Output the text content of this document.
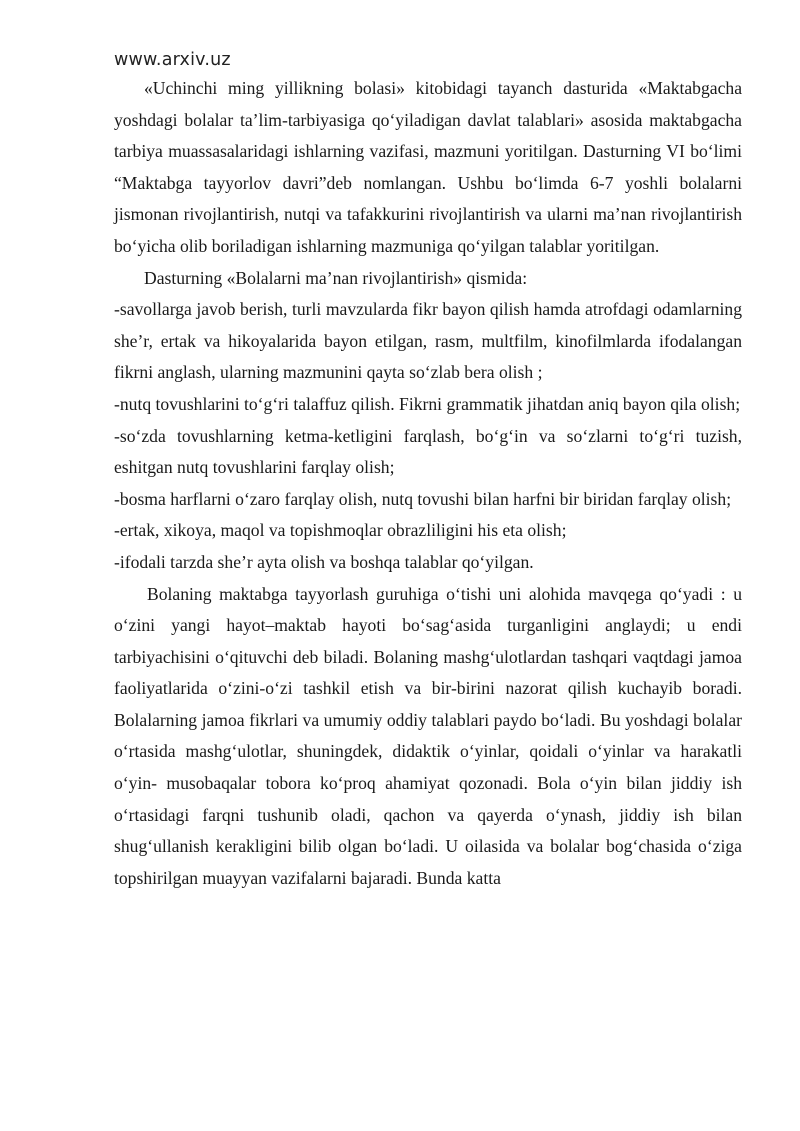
www.arxiv.uz

«Uchinchi ming yillikning bolasi» kitobidagi tayanch dasturida «Maktabgacha yoshdagi bolalar ta’lim-tarbiyasiga qo‘yiladigan davlat talablari» asosida maktabgacha tarbiya muassasalaridagi ishlarning vazifasi, mazmuni yoritilgan. Dasturning VI bo‘limi “Maktabga tayyorlov davri”deb nomlangan. Ushbu bo‘limda 6-7 yoshli bolalarni jismonan rivojlantirish, nutqi va tafakkurini rivojlantirish va ularni ma’nan rivojlantirish bo‘yicha olib boriladigan ishlarning mazmuniga qo‘yilgan talablar yoritilgan.

Dasturning «Bolalarni ma’nan rivojlantirish» qismida:

-savollarga javob berish, turli mavzularda fikr bayon qilish hamda atrofdagi odamlarning she’r, ertak va hikoyalarida bayon etilgan, rasm, multfilm, kinofilmlarda ifodalangan fikrni anglash, ularning mazmunini qayta so‘zlab bera olish ;

-nutq tovushlarini to‘g‘ri talaffuz qilish. Fikrni grammatik jihatdan aniq bayon qila olish;

-so‘zda tovushlarning ketma-ketligini farqlash, bo‘g‘in va so‘zlarni to‘g‘ri tuzish, eshitgan nutq tovushlarini farqlay olish;

-bosma harflarni o‘zaro farqlay olish, nutq tovushi bilan harfni bir biridan farqlay olish;

-ertak, xikoya, maqol va topishmoqlar obrazliligini his eta olish;

-ifodali tarzda she’r ayta olish va boshqa talablar qo‘yilgan.

Bolaning maktabga tayyorlash guruhiga o‘tishi uni alohida mavqega qo‘yadi : u o‘zini yangi hayot–maktab hayoti bo‘sag‘asida turganligini anglaydi; u endi tarbiyachisini o‘qituvchi deb biladi. Bolaning mashg‘ulotlardan tashqari vaqtdagi jamoa faoliyatlarida o‘zini-o‘zi tashkil etish va bir-birini nazorat qilish kuchayib boradi. Bolalarning jamoa fikrlari va umumiy oddiy talablari paydo bo‘ladi. Bu yoshdagi bolalar o‘rtasida mashg‘ulotlar, shuningdek, didaktik o‘yinlar, qoidali o‘yinlar va harakatli o‘yin- musobaqalar tobora ko‘proq ahamiyat qozonadi. Bola o‘yin bilan jiddiy ish o‘rtasidagi farqni tushunib oladi, qachon va qayerda o‘ynash, jiddiy ish bilan shug‘ullanish kerakligini bilib olgan bo‘ladi. U oilasida va bolalar bog‘chasida o‘ziga topshirilgan muayyan vazifalarni bajaradi. Bunda katta
